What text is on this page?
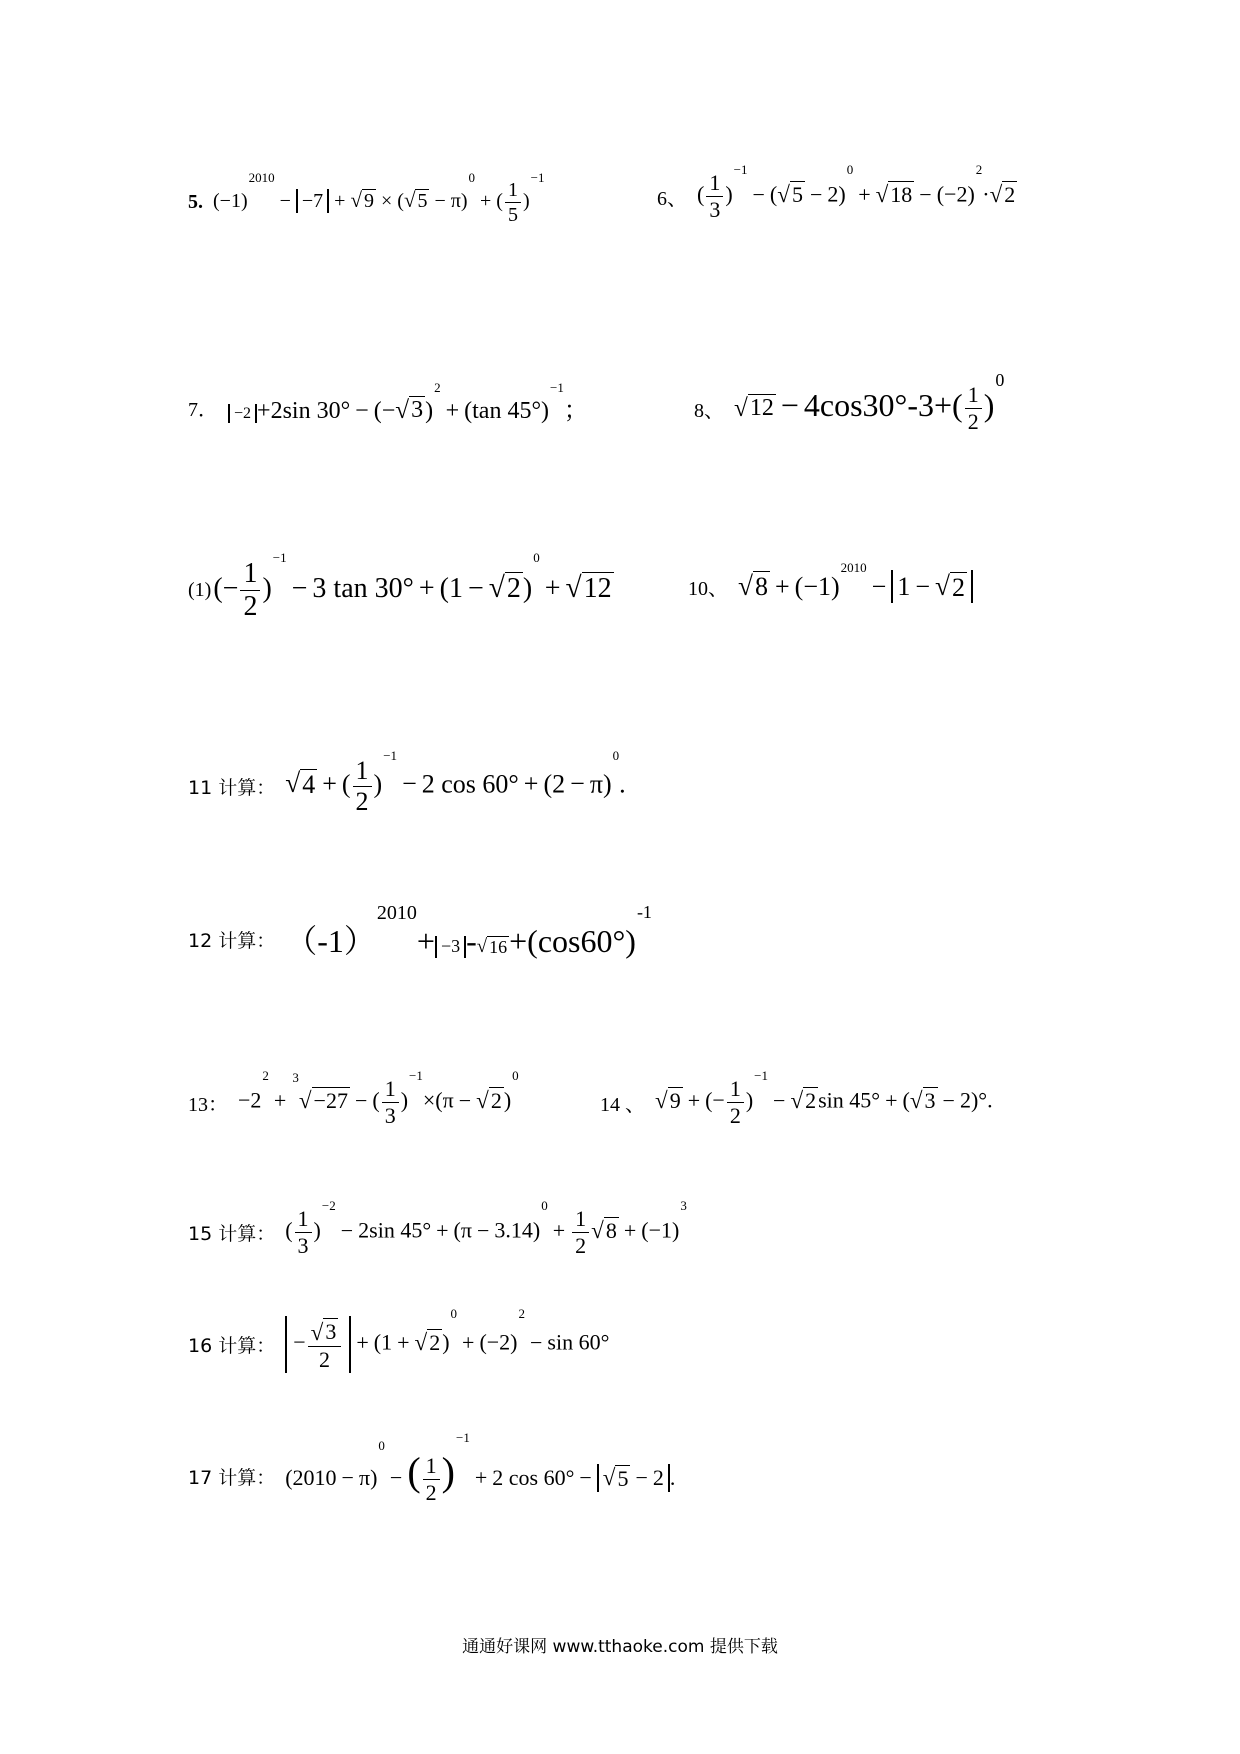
5. $(-1)^{2010}- -7$ + √ 9 × ( √ 5 − π)$^0$+ ( $\frac{1}{5} )^{-1}$
6、 ( $\frac{1}{3} )^{-1}-$ ( √ 5 − 2)$^0$+ √ $18 - (-2)^2\cdot$ √ 2
7．	−2 +2sin 30° − (− √ 3 )$^2$+ (tan 45°)$^{-1}$；	8、 √ $12 - 4\cos 30^\circ-3+( \frac{1}{2} )^0$
(1) (− $\frac{1}{2} )^{-1}- 3$ tan 30° + (1 − √ 2 )$^0$+ √ 12	10、 √ $8 + (-1)^{2010}- 1$ − √ 2
11 计算： √ 4 + ( $\frac{1}{2} )^{-1}- 2$ $\cos 60^\circ + (2 - \pi)^0$.
12 计算： $(-1)^{2010}+ -3$ - √ $16 +(\cos 60^\circ)^{-1}$
13： $-2^2+^3$
√ −27 − ( $\frac{1}{3} )^{-1}\times(\pi$ − √ 2 )$^0$
14 、 √ 9 + (− $\frac{1}{2} )^{-1}-$ √ 2 sin 45° + ( √ 3 − 2)°.
15 计算： ( $\frac{1}{3} )^{-2}- 2\sin$ $45^\circ + (\pi - 3.14)^0+ \frac{1}{2}$ √ $8 + (-1)^3$
16 计算： − $\frac{√ 3}{2} + (1$ + √ 2 )$^0+ (-2)^2- \sin 60^\circ$
17 计算： $(2010 - \pi)^0-$ ( $\frac{1}{2} )^{-1}+ 2$ cos 60° − √ 5 − 2 .
通通好课网 www.tthaoke.com 提供下载
